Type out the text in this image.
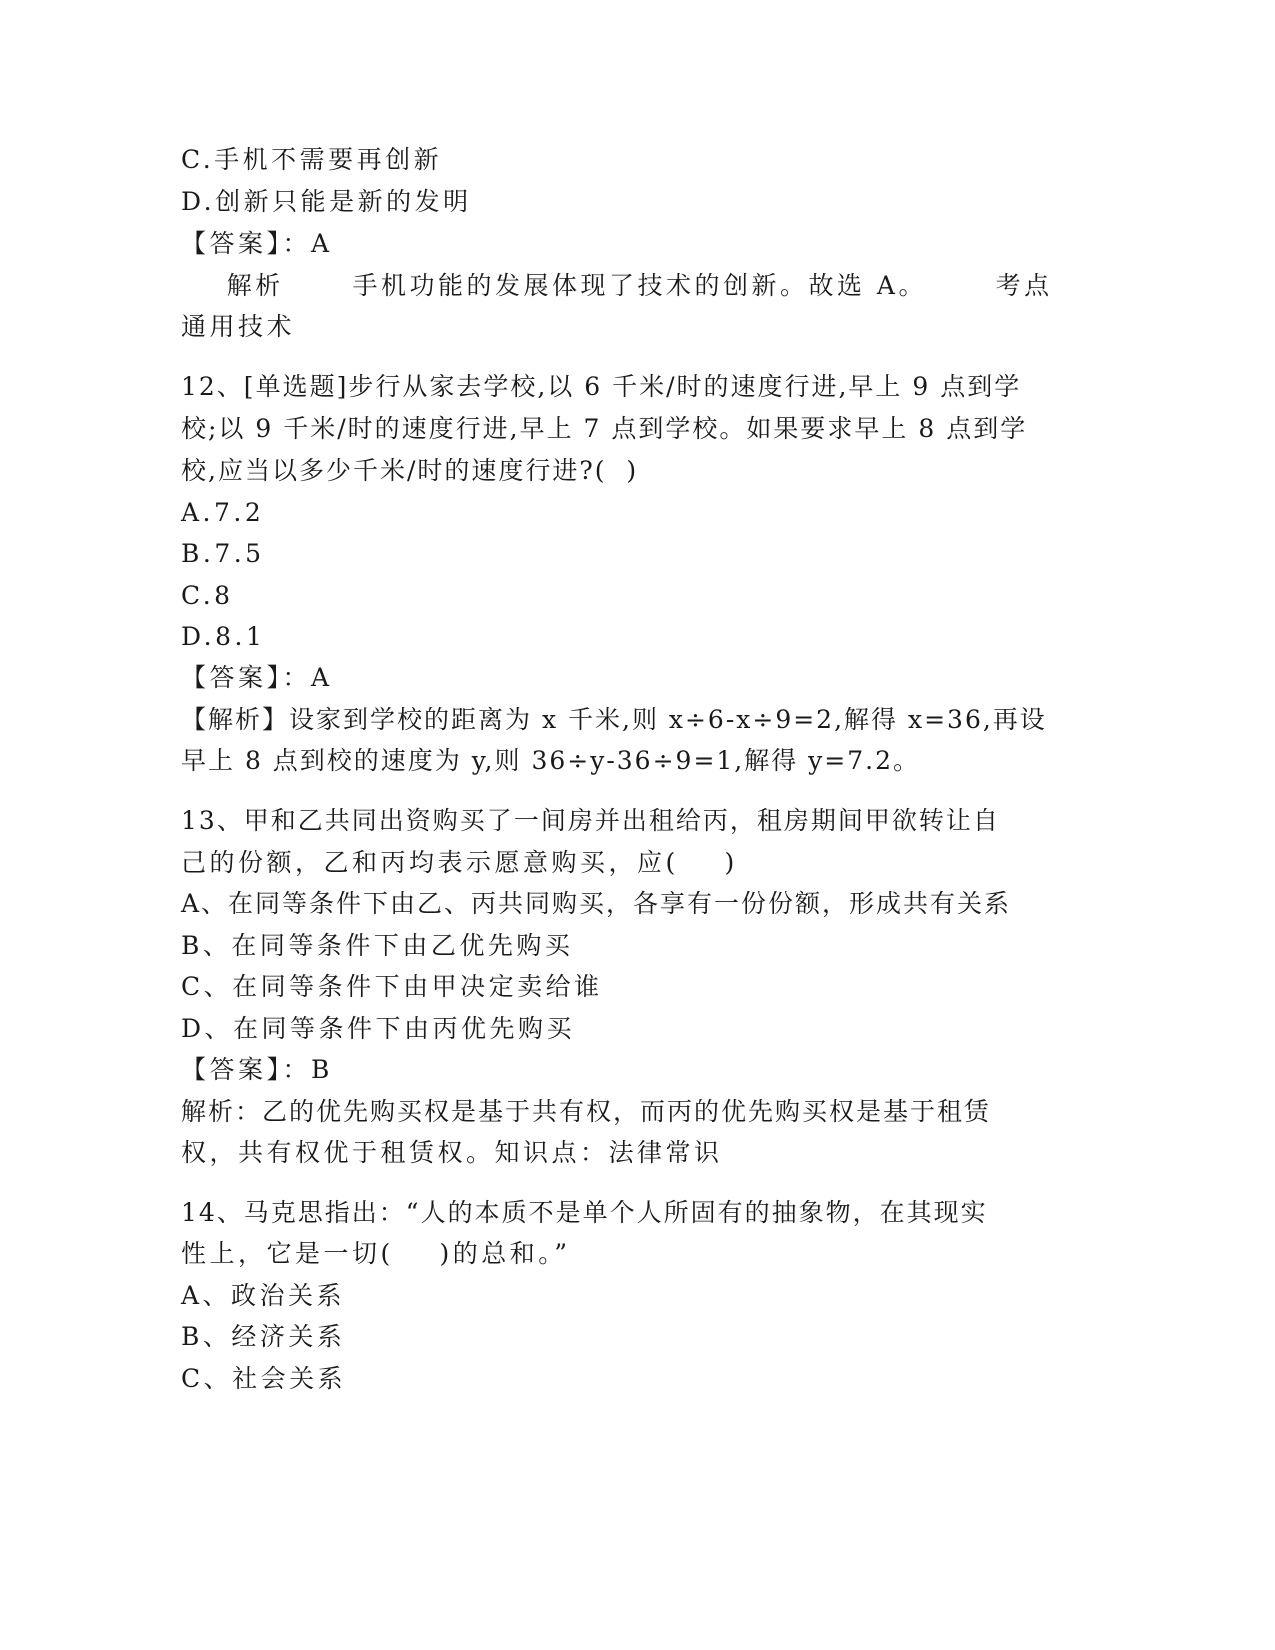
C.手机不需要再创新

D.创新只能是新的发明

【答案】：A

解析      手机功能的发展体现了技术的创新。故选 A。      考点

通用技术

12、[单选题]步行从家去学校,以 6 千米/时的速度行进,早上 9 点到学

校;以 9 千米/时的速度行进,早上 7 点到学校。如果要求早上 8 点到学

校,应当以多少千米/时的速度行进?(  )

A.7.2

B.7.5

C.8

D.8.1

【答案】：A

【解析】设家到学校的距离为 x 千米,则 x÷6-x÷9=2,解得 x=36,再设

早上 8 点到校的速度为 y,则 36÷y-36÷9=1,解得 y=7.2。

13、甲和乙共同出资购买了一间房并出租给丙，租房期间甲欲转让自

己的份额，乙和丙均表示愿意购买，应(    )

A、在同等条件下由乙、丙共同购买，各享有一份份额，形成共有关系

B、在同等条件下由乙优先购买

C、在同等条件下由甲决定卖给谁

D、在同等条件下由丙优先购买

【答案】：B

解析：乙的优先购买权是基于共有权，而丙的优先购买权是基于租赁

权，共有权优于租赁权。知识点：法律常识

14、马克思指出：“人的本质不是单个人所固有的抽象物，在其现实

性上，它是一切(    )的总和。”

A、政治关系

B、经济关系

C、社会关系
